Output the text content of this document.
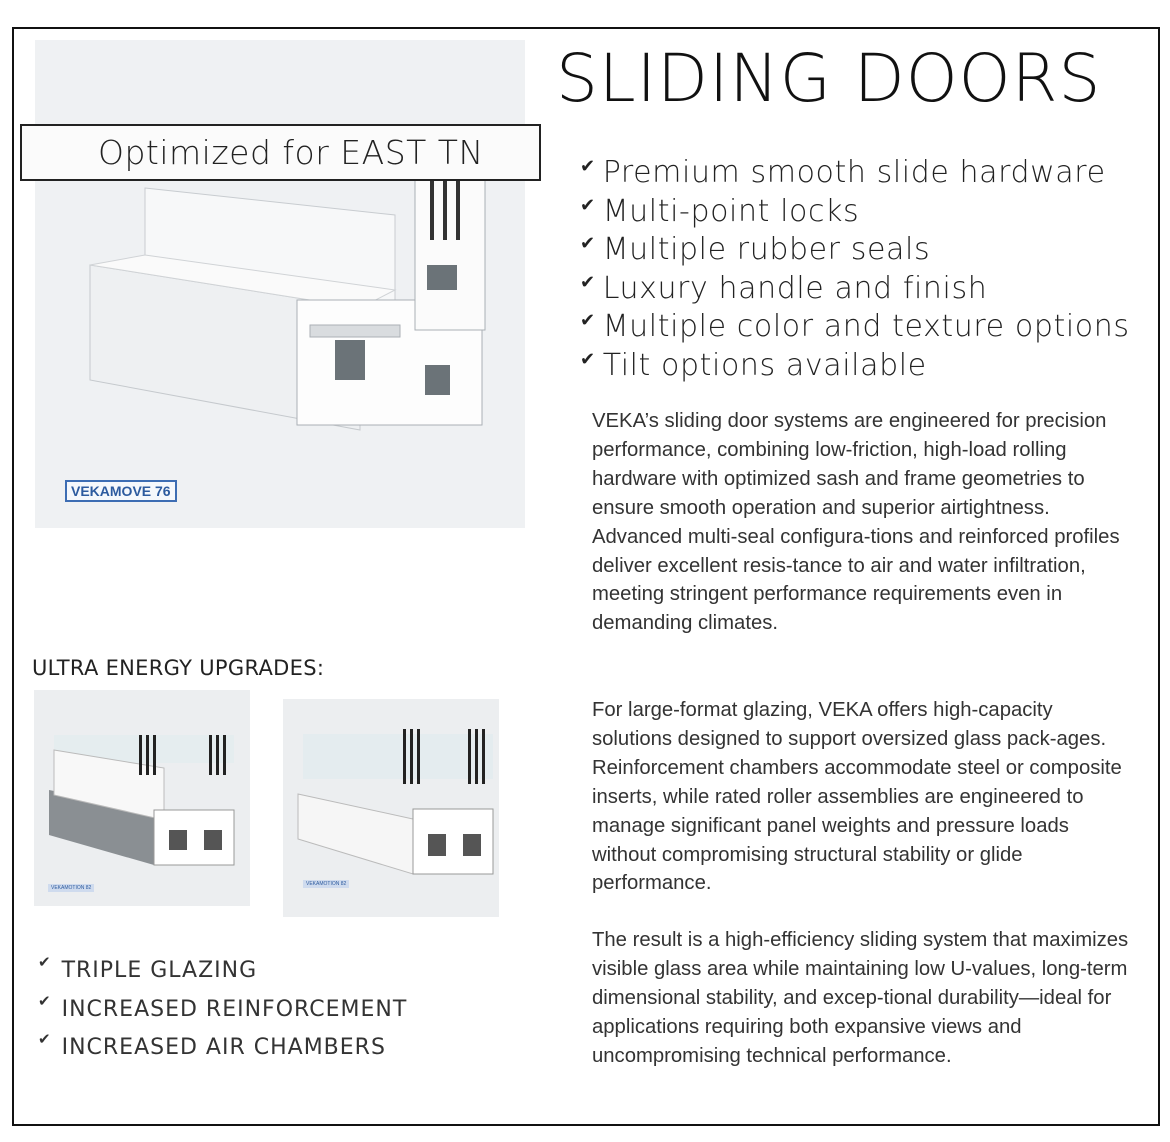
Optimized for EAST TN
VEKAMOVE 76
SLIDING DOORS
✔ Premium smooth slide hardware
✔ Multi-point locks
✔ Multiple rubber seals
✔ Luxury handle and finish
✔ Multiple color and texture options
✔ Tilt options available

VEKA’s sliding door systems are engineered for precision performance, combining low-friction, high-load rolling hardware with optimized sash and frame geometries to ensure smooth operation and superior airtightness. Advanced multi-seal configura-tions and reinforced profiles deliver excellent resis-tance to air and water infiltration, meeting stringent performance requirements even in demanding climates.

For large-format glazing, VEKA offers high-capacity solutions designed to support oversized glass pack-ages. Reinforcement chambers accommodate steel or composite inserts, while rated roller assemblies are engineered to manage significant panel weights and pressure loads without compromising structural stability or glide performance.

The result is a high-efficiency sliding system that maximizes visible glass area while maintaining low U-values, long-term dimensional stability, and excep-tional durability—ideal for applications requiring both expansive views and uncompromising technical performance.

ULTRA ENERGY UPGRADES:
VEKAMOTION 82
VEKAMOTION 82
✔ TRIPLE GLAZING
✔ INCREASED REINFORCEMENT
✔ INCREASED AIR CHAMBERS
